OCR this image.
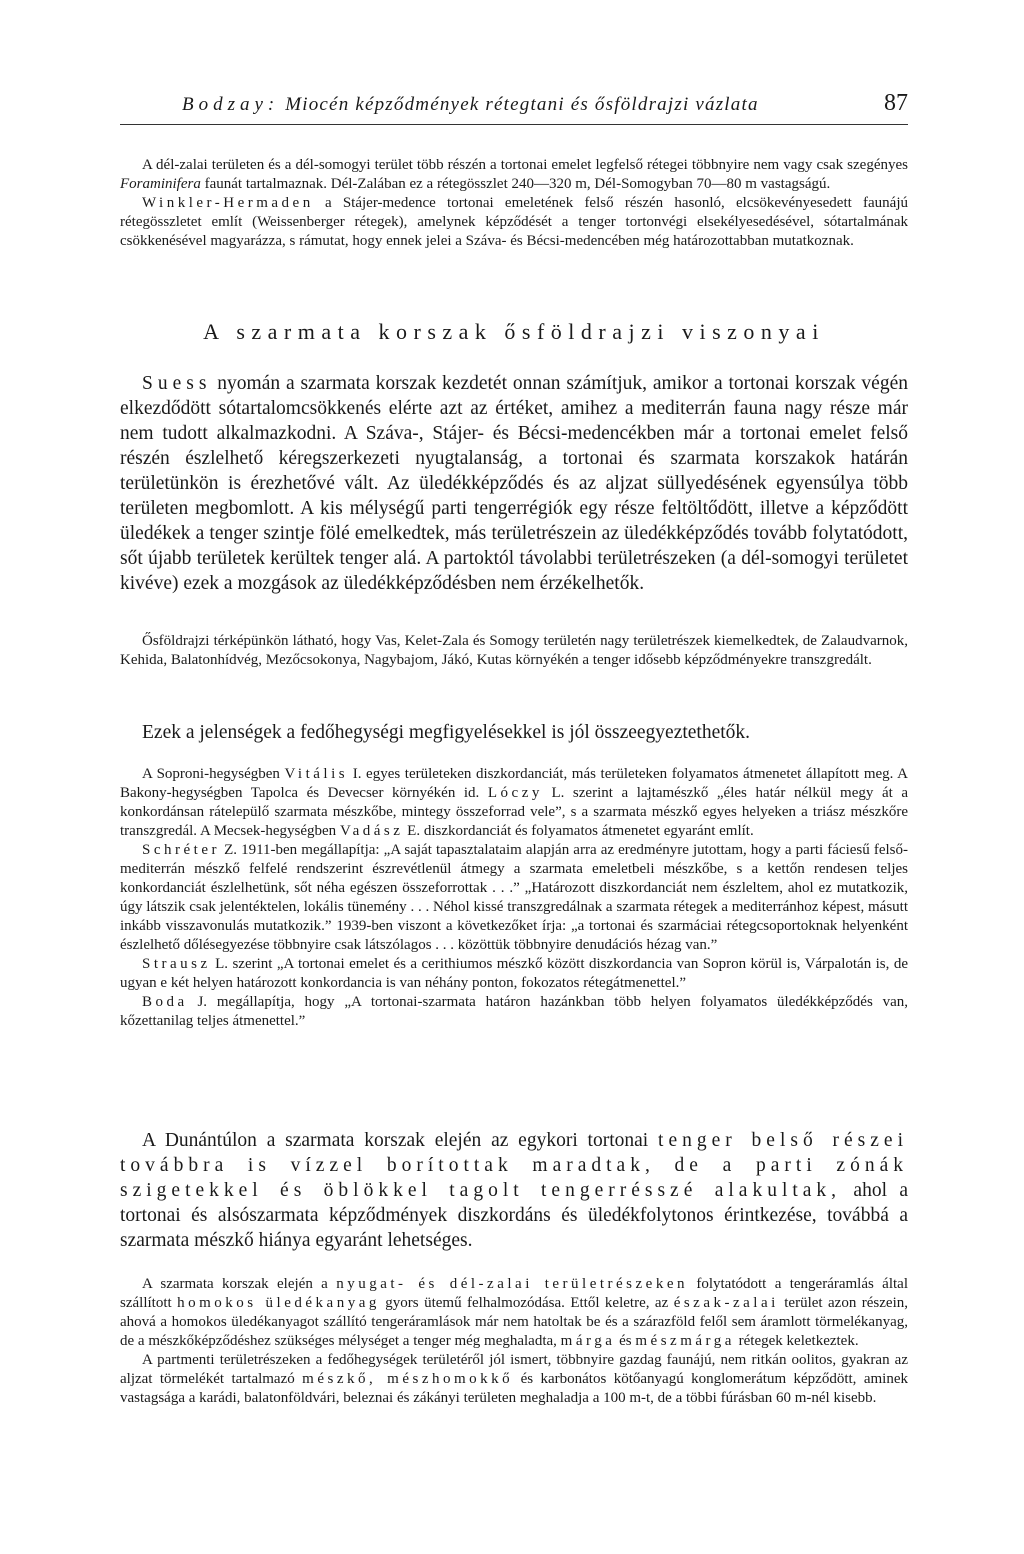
Bodzay: Miocén képződmények rétegtani és ősföldrajzi vázlata	87

A dél-zalai területen és a dél-somogyi terület több részén a tortonai emelet legfelső rétegei többnyire nem vagy csak szegényes Foraminifera faunát tartalmaznak. Dél-Zalában ez a rétegösszlet 240—320 m, Dél-Somogyban 70—80 m vastagságú.

Winkler-Hermaden a Stájer-medence tortonai emeletének felső részén hasonló, elcsökevényesedett faunájú rétegösszletet említ (Weissenberger rétegek), amelynek képződését a tenger tortonvégi elsekélyesedésével, sótartalmának csökkenésével magyarázza, s rámutat, hogy ennek jelei a Száva- és Bécsi-medencében még határozottabban mutatkoznak.

A szarmata korszak ősföldrajzi viszonyai

Suess nyomán a szarmata korszak kezdetét onnan számítjuk, amikor a tortonai korszak végén elkezdődött sótartalomcsökkenés elérte azt az értéket, amihez a mediterrán fauna nagy része már nem tudott alkalmazkodni. A Száva-, Stájer- és Bécsi-medencékben már a tortonai emelet felső részén észlelhető kéregszerkezeti nyugtalanság, a tortonai és szarmata korszakok határán területünkön is érezhetővé vált. Az üledékképződés és az aljzat süllyedésének egyensúlya több területen megbomlott. A kis mélységű parti tengerrégiók egy része feltöltődött, illetve a képződött üledékek a tenger szintje fölé emelkedtek, más területrészein az üledékképződés tovább folytatódott, sőt újabb területek kerültek tenger alá. A partoktól távolabbi területrészeken (a dél-somogyi területet kivéve) ezek a mozgások az üledékképződésben nem érzékelhetők.

Ősföldrajzi térképünkön látható, hogy Vas, Kelet-Zala és Somogy területén nagy területrészek kiemelkedtek, de Zalaudvarnok, Kehida, Balatonhídvég, Mezőcsokonya, Nagybajom, Jákó, Kutas környékén a tenger idősebb képződményekre transzgredált.

Ezek a jelenségek a fedőhegységi megfigyelésekkel is jól összeegyeztethetők.

A Soproni-hegységben Vitális I. egyes területeken diszkordanciát, más területeken folyamatos átmenetet állapított meg. A Bakony-hegységben Tapolca és Devecser környékén id. Lóczy L. szerint a lajtamészkő „éles határ nélkül megy át a konkordánsan rátelepülő szarmata mészkőbe, mintegy összeforrad vele”, s a szarmata mészkő egyes helyeken a triász mészkőre transzgredál. A Mecsek-hegységben Vadász E. diszkordanciát és folyamatos átmenetet egyaránt említ.

Schréter Z. 1911-ben megállapítja: „A saját tapasztalataim alapján arra az eredményre jutottam, hogy a parti fáciesű felső-mediterrán mészkő felfelé rendszerint észrevétlenül átmegy a szarmata emeletbeli mészkőbe, s a kettőn rendesen teljes konkordanciát észlelhetünk, sőt néha egészen összeforrottak . . .” „Határozott diszkordanciát nem észleltem, ahol ez mutatkozik, úgy látszik csak jelentéktelen, lokális tünemény . . . Néhol kissé transzgredálnak a szarmata rétegek a mediterránhoz képest, másutt inkább visszavonulás mutatkozik.” 1939-ben viszont a következőket írja: „a tortonai és szarmáciai rétegcsoportoknak helyenként észlelhető dőlésegyezése többnyire csak látszólagos . . . közöttük többnyire denudációs hézag van.”

Strausz L. szerint „A tortonai emelet és a cerithiumos mészkő között diszkordancia van Sopron körül is, Várpalotán is, de ugyan e két helyen határozott konkordancia is van néhány ponton, fokozatos rétegátmenettel.”

Boda J. megállapítja, hogy „A tortonai-szarmata határon hazánkban több helyen folyamatos üledékképződés van, kőzettanilag teljes átmenettel.”

A Dunántúlon a szarmata korszak elején az egykori tortonai tenger belső részei továbbra is vízzel borítottak maradtak, de a parti zónák szigetekkel és öblökkel tagolt tengerrésszé alakultak, ahol a tortonai és alsószarmata képződmények diszkordáns és üledékfolytonos érintkezése, továbbá a szarmata mészkő hiánya egyaránt lehetséges.

A szarmata korszak elején a nyugat- és dél-zalai területrészeken folytatódott a tengeráramlás által szállított homokos üledékanyag gyors ütemű felhalmozódása. Ettől keletre, az észak-zalai terület azon részein, ahová a homokos üledékanyagot szállító tengeráramlások már nem hatoltak be és a szárazföld felől sem áramlott törmelékanyag, de a mészkőképződéshez szükséges mélységet a tenger még meghaladta, márga és mészmárga rétegek keletkeztek.

A partmenti területrészeken a fedőhegységek területéről jól ismert, többnyire gazdag faunájú, nem ritkán oolitos, gyakran az aljzat törmelékét tartalmazó mészkő, mészhomokkő és karbonátos kötőanyagú konglomerátum képződött, aminek vastagsága a karádi, balatonföldvári, beleznai és zákányi területen meghaladja a 100 m-t, de a többi fúrásban 60 m-nél kisebb.
